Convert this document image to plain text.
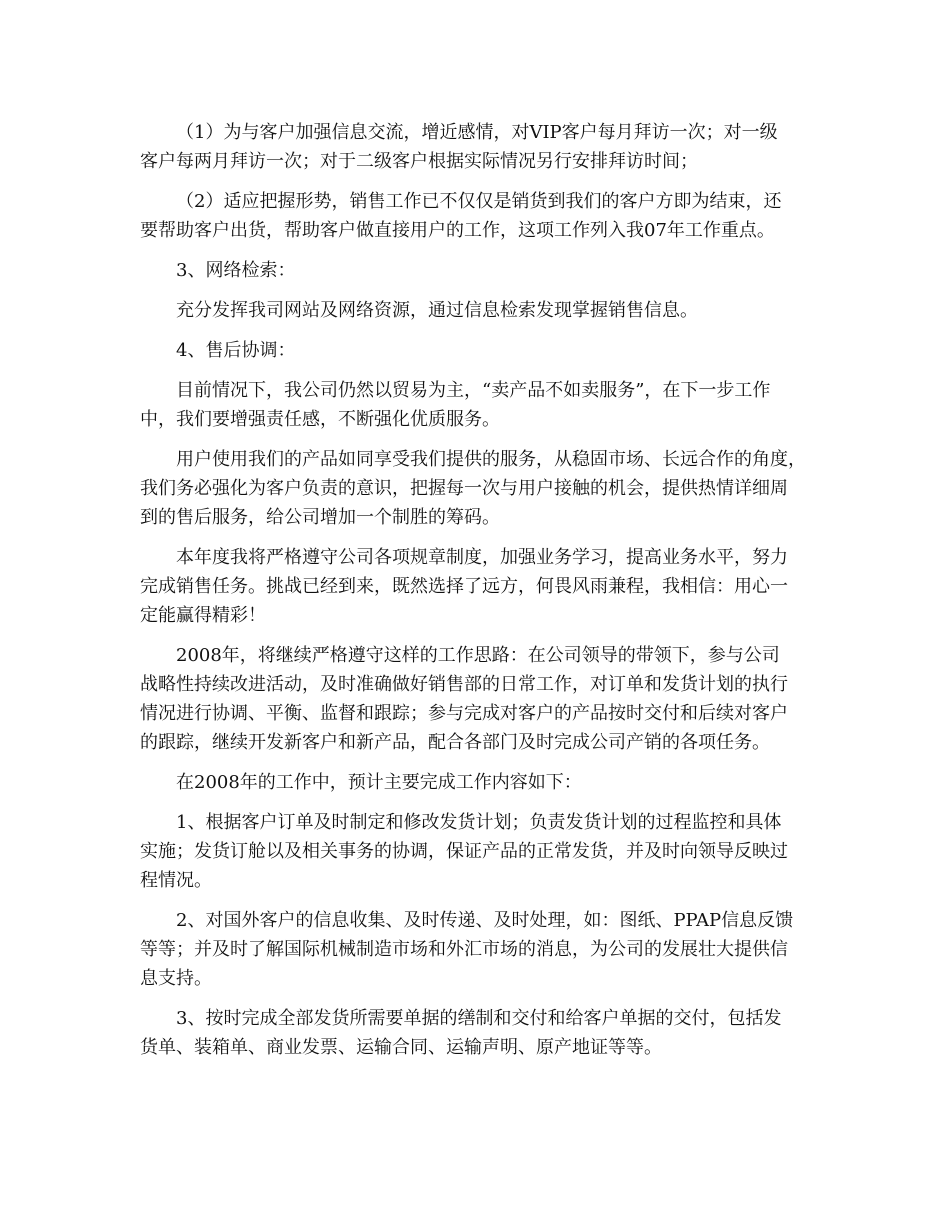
（1）为与客户加强信息交流，增近感情，对VIP客户每月拜访一次；对一级
客户每两月拜访一次；对于二级客户根据实际情况另行安排拜访时间；
（2）适应把握形势，销售工作已不仅仅是销货到我们的客户方即为结束，还
要帮助客户出货，帮助客户做直接用户的工作，这项工作列入我07年工作重点。
3、网络检索：
充分发挥我司网站及网络资源，通过信息检索发现掌握销售信息。
4、售后协调：
目前情况下，我公司仍然以贸易为主，“卖产品不如卖服务”，在下一步工作
中，我们要增强责任感，不断强化优质服务。
用户使用我们的产品如同享受我们提供的服务，从稳固市场、长远合作的角度，
我们务必强化为客户负责的意识，把握每一次与用户接触的机会，提供热情详细周
到的售后服务，给公司增加一个制胜的筹码。
本年度我将严格遵守公司各项规章制度，加强业务学习，提高业务水平，努力
完成销售任务。挑战已经到来，既然选择了远方，何畏风雨兼程，我相信：用心一
定能赢得精彩！
2008年，将继续严格遵守这样的工作思路：在公司领导的带领下，参与公司
战略性持续改进活动，及时准确做好销售部的日常工作，对订单和发货计划的执行
情况进行协调、平衡、监督和跟踪；参与完成对客户的产品按时交付和后续对客户
的跟踪，继续开发新客户和新产品，配合各部门及时完成公司产销的各项任务。
在2008年的工作中，预计主要完成工作内容如下：
1、根据客户订单及时制定和修改发货计划；负责发货计划的过程监控和具体
实施；发货订舱以及相关事务的协调，保证产品的正常发货，并及时向领导反映过
程情况。
2、对国外客户的信息收集、及时传递、及时处理，如：图纸、PPAP信息反馈
等等；并及时了解国际机械制造市场和外汇市场的消息，为公司的发展壮大提供信
息支持。
3、按时完成全部发货所需要单据的缮制和交付和给客户单据的交付，包括发
货单、装箱单、商业发票、运输合同、运输声明、原产地证等等。
